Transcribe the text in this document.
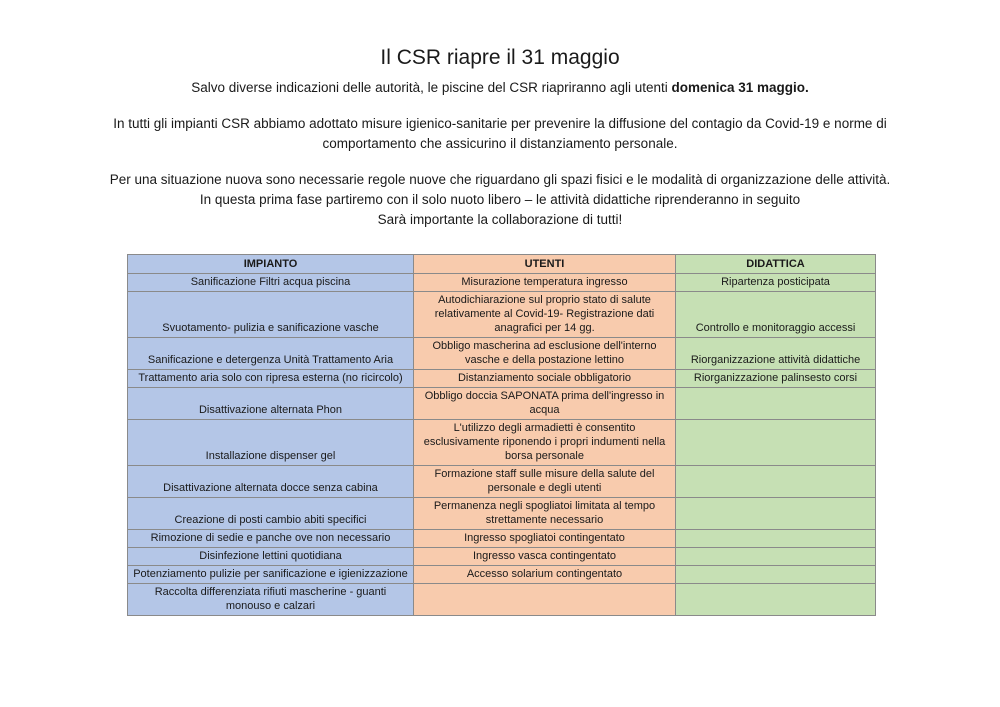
Il CSR riapre il 31 maggio
Salvo diverse indicazioni delle autorità, le piscine del CSR riapriranno agli utenti domenica 31 maggio.
In tutti gli impianti CSR abbiamo adottato misure igienico-sanitarie per prevenire la diffusione del contagio da Covid-19 e norme di
comportamento che assicurino il distanziamento personale.
Per una situazione nuova sono necessarie regole nuove che riguardano gli spazi fisici e le modalità di organizzazione delle attività.
In questa prima fase partiremo con il solo nuoto libero – le attività didattiche riprenderanno in seguito
Sarà importante la collaborazione di tutti!
IMPIANTO	UTENTI	DIDATTICA
Sanificazione Filtri acqua piscina	Misurazione temperatura ingresso	Ripartenza posticipata
Svuotamento- pulizia e sanificazione vasche	Autodichiarazione sul proprio stato di salute relativamente al Covid-19- Registrazione dati anagrafici per 14 gg.	Controllo e monitoraggio accessi
Sanificazione e detergenza Unità Trattamento Aria	Obbligo mascherina ad esclusione dell'interno vasche e della postazione lettino	Riorganizzazione attività didattiche
Trattamento aria solo con ripresa esterna (no ricircolo)	Distanziamento sociale obbligatorio	Riorganizzazione palinsesto corsi
Disattivazione alternata Phon	Obbligo doccia SAPONATA prima dell'ingresso in acqua	
Installazione dispenser gel	L'utilizzo degli armadietti è consentito esclusivamente riponendo i propri indumenti nella borsa personale	
Disattivazione alternata docce senza cabina	Formazione staff sulle misure della salute del personale e degli utenti	
Creazione di posti cambio abiti specifici	Permanenza negli spogliatoi limitata al tempo strettamente necessario	
Rimozione di sedie e panche ove non necessario	Ingresso spogliatoi contingentato	
Disinfezione lettini quotidiana	Ingresso vasca contingentato	
Potenziamento pulizie per sanificazione e igienizzazione	Accesso solarium contingentato	
Raccolta differenziata rifiuti mascherine - guanti monouso e calzari		
